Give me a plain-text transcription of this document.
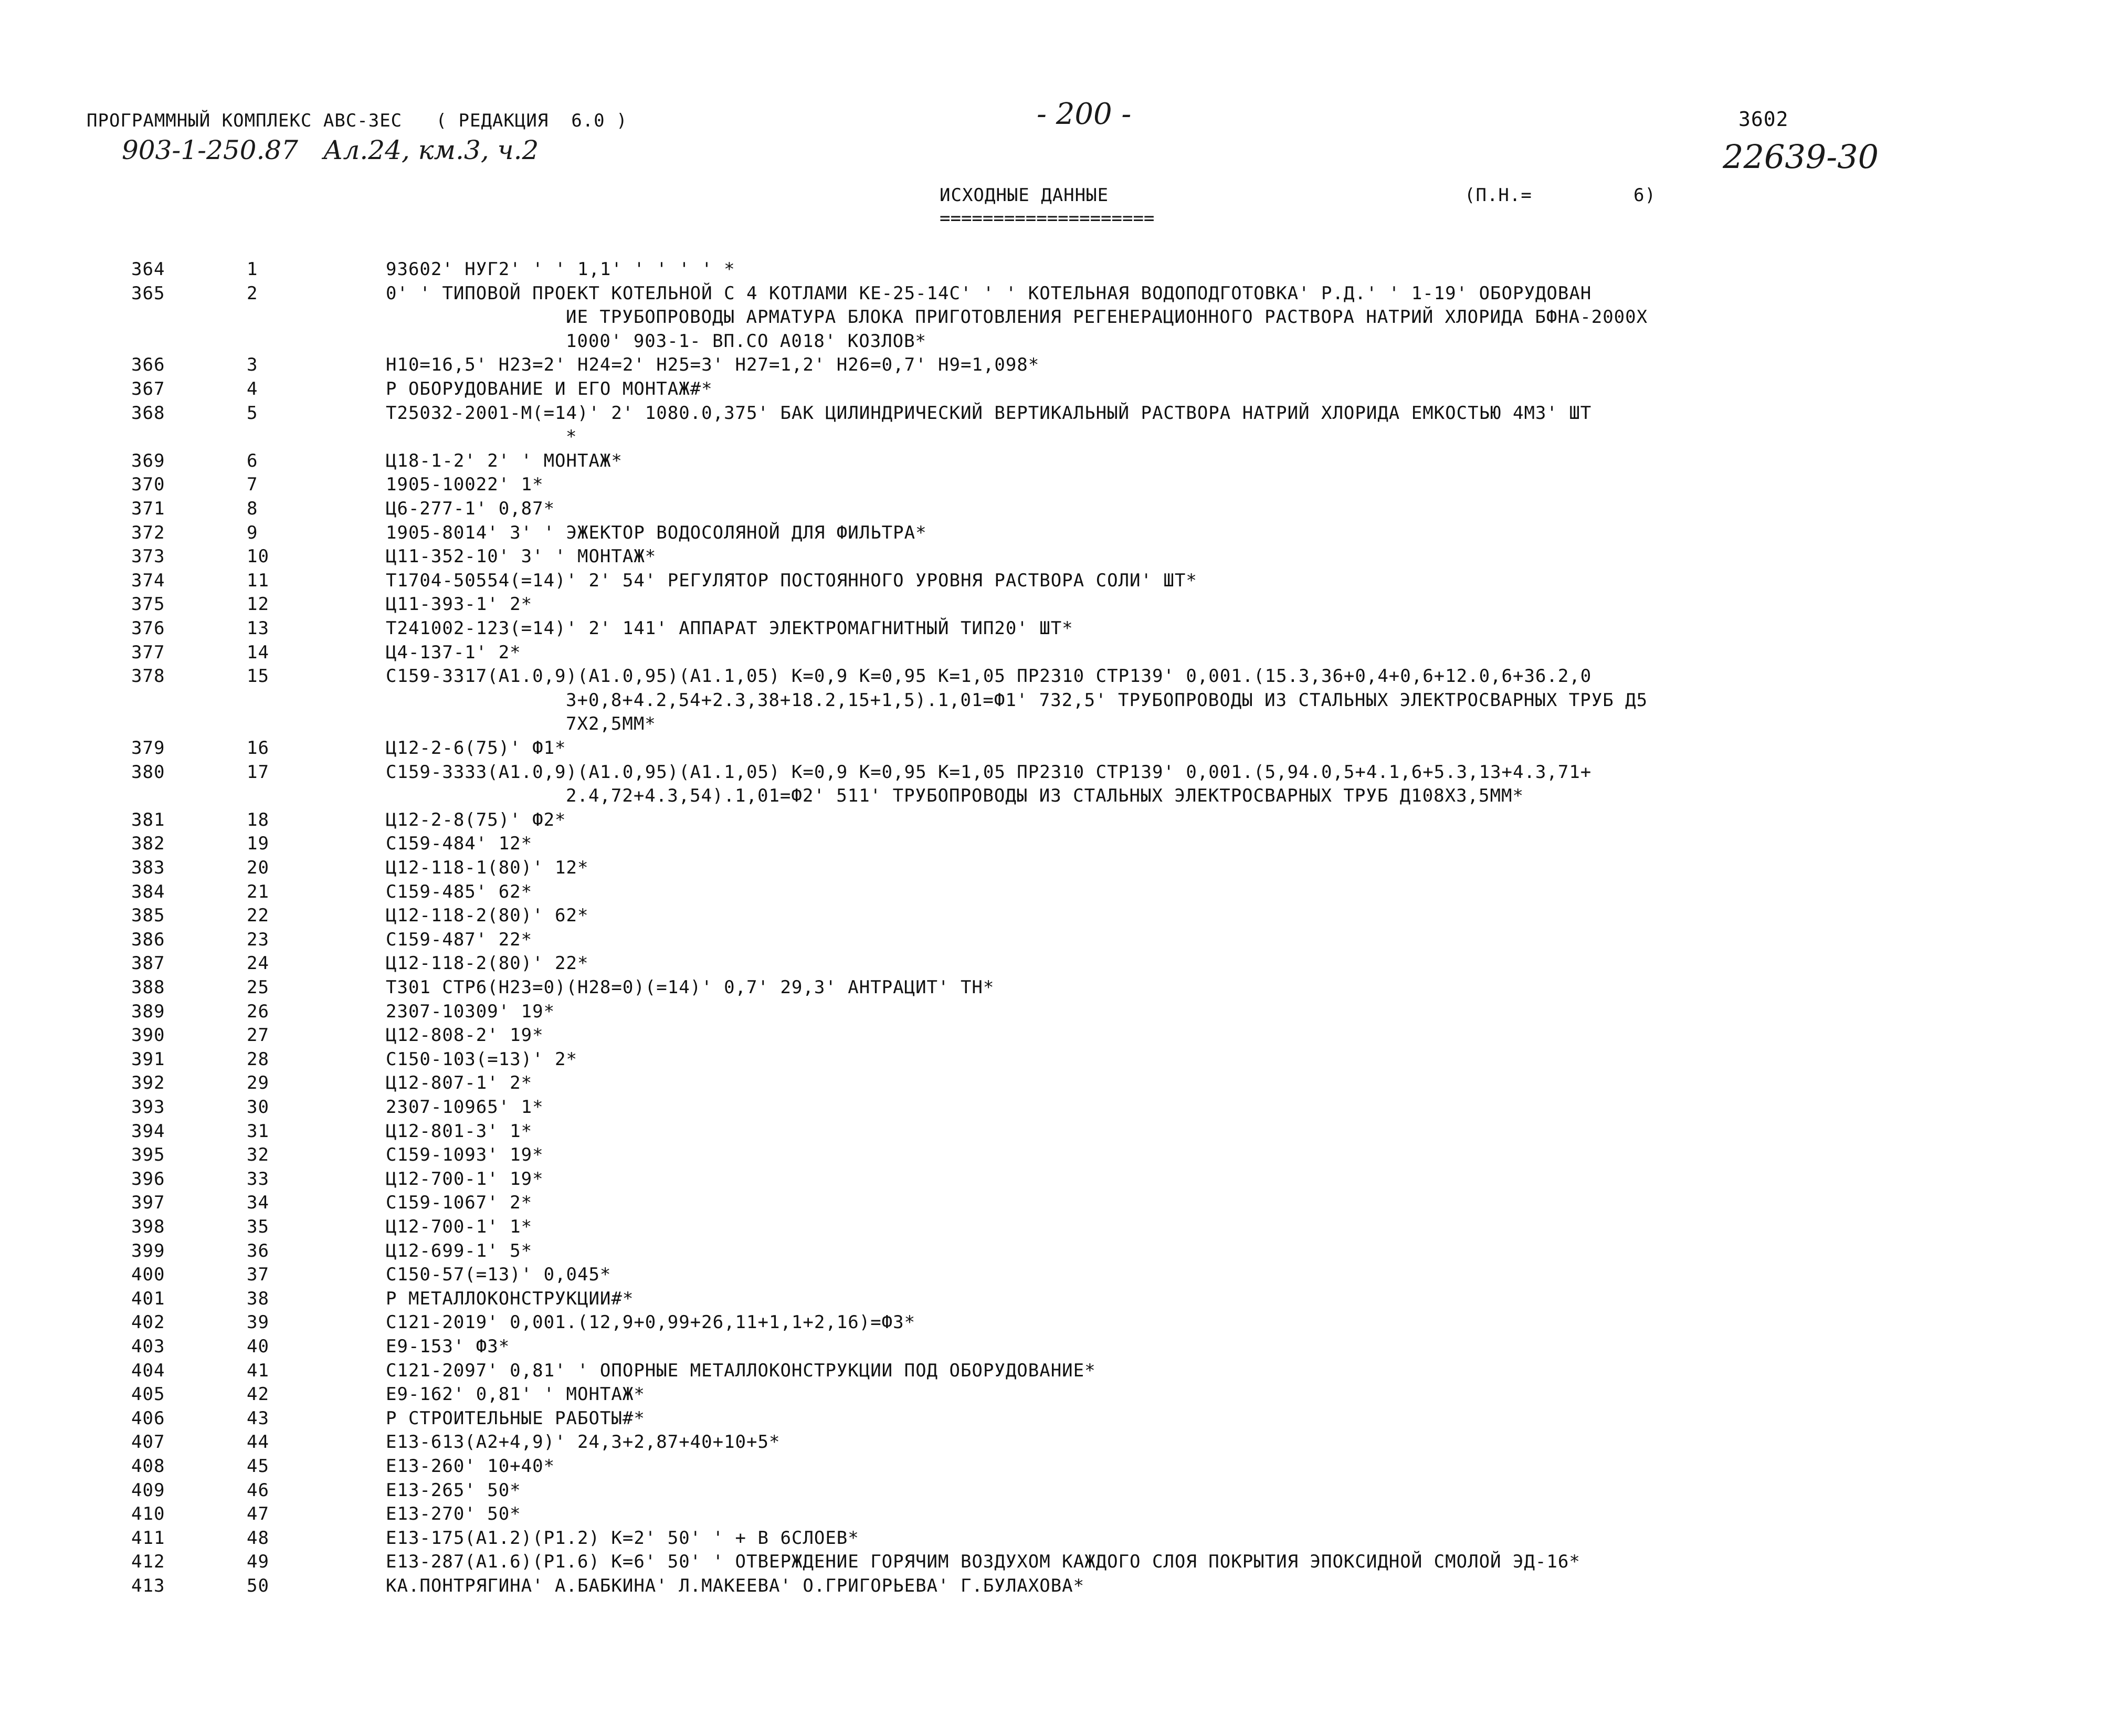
ПРОГРАММНЫЙ КОМПЛЕКС АВС-ЗЕС   ( РЕДАКЦИЯ  6.0 )	- 200 -	3602
903-1-250.87   Ал.24, км.3, ч.2	22639-30
ИСХОДНЫЕ ДАННЫЕ	(П.Н.=         6)
====================
364	1	93602' НУГ2' ' ' 1,1' ' ' ' ' *
365	2	0' ' ТИПОВОЙ ПРОЕКТ КОТЕЛЬНОЙ С 4 КОТЛАМИ КЕ-25-14С' ' ' КОТЕЛЬНАЯ ВОДОПОДГОТОВКА' Р.Д.' ' 1-19' ОБОРУДОВАН
ИЕ ТРУБОПРОВОДЫ АРМАТУРА БЛОКА ПРИГОТОВЛЕНИЯ РЕГЕНЕРАЦИОННОГО РАСТВОРА НАТРИЙ ХЛОРИДА БФНА-2000Х
1000' 903-1- ВП.СО А018' КОЗЛОВ*
366	3	Н10=16,5' Н23=2' Н24=2' Н25=3' Н27=1,2' Н26=0,7' Н9=1,098*
367	4	Р ОБОРУДОВАНИЕ И ЕГО МОНТАЖ#*
368	5	Т25032-2001-М(=14)' 2' 1080.0,375' БАК ЦИЛИНДРИЧЕСКИЙ ВЕРТИКАЛЬНЫЙ РАСТВОРА НАТРИЙ ХЛОРИДА ЕМКОСТЬЮ 4М3' ШТ
*
369	6	Ц18-1-2' 2' ' МОНТАЖ*
370	7	1905-10022' 1*
371	8	Ц6-277-1' 0,87*
372	9	1905-8014' 3' ' ЭЖЕКТОР ВОДОСОЛЯНОЙ ДЛЯ ФИЛЬТРА*
373	10	Ц11-352-10' 3' ' МОНТАЖ*
374	11	Т1704-50554(=14)' 2' 54' РЕГУЛЯТОР ПОСТОЯННОГО УРОВНЯ РАСТВОРА СОЛИ' ШТ*
375	12	Ц11-393-1' 2*
376	13	Т241002-123(=14)' 2' 141' АППАРАТ ЭЛЕКТРОМАГНИТНЫЙ ТИП20' ШТ*
377	14	Ц4-137-1' 2*
378	15	С159-3317(А1.0,9)(А1.0,95)(А1.1,05) К=0,9 К=0,95 К=1,05 ПР2310 СТР139' 0,001.(15.3,36+0,4+0,6+12.0,6+36.2,0
3+0,8+4.2,54+2.3,38+18.2,15+1,5).1,01=Ф1' 732,5' ТРУБОПРОВОДЫ ИЗ СТАЛЬНЫХ ЭЛЕКТРОСВАРНЫХ ТРУБ Д5
7Х2,5ММ*
379	16	Ц12-2-6(75)' Ф1*
380	17	С159-3333(А1.0,9)(А1.0,95)(А1.1,05) К=0,9 К=0,95 К=1,05 ПР2310 СТР139' 0,001.(5,94.0,5+4.1,6+5.3,13+4.3,71+
2.4,72+4.3,54).1,01=Ф2' 511' ТРУБОПРОВОДЫ ИЗ СТАЛЬНЫХ ЭЛЕКТРОСВАРНЫХ ТРУБ Д108Х3,5ММ*
381	18	Ц12-2-8(75)' Ф2*
382	19	С159-484' 12*
383	20	Ц12-118-1(80)' 12*
384	21	С159-485' 62*
385	22	Ц12-118-2(80)' 62*
386	23	С159-487' 22*
387	24	Ц12-118-2(80)' 22*
388	25	Т301 СТР6(Н23=0)(Н28=0)(=14)' 0,7' 29,3' АНТРАЦИТ' ТН*
389	26	2307-10309' 19*
390	27	Ц12-808-2' 19*
391	28	С150-103(=13)' 2*
392	29	Ц12-807-1' 2*
393	30	2307-10965' 1*
394	31	Ц12-801-3' 1*
395	32	С159-1093' 19*
396	33	Ц12-700-1' 19*
397	34	С159-1067' 2*
398	35	Ц12-700-1' 1*
399	36	Ц12-699-1' 5*
400	37	С150-57(=13)' 0,045*
401	38	Р МЕТАЛЛОКОНСТРУКЦИИ#*
402	39	С121-2019' 0,001.(12,9+0,99+26,11+1,1+2,16)=Ф3*
403	40	Е9-153' Ф3*
404	41	С121-2097' 0,81' ' ОПОРНЫЕ МЕТАЛЛОКОНСТРУКЦИИ ПОД ОБОРУДОВАНИЕ*
405	42	Е9-162' 0,81' ' МОНТАЖ*
406	43	Р СТРОИТЕЛЬНЫЕ РАБОТЫ#*
407	44	Е13-613(А2+4,9)' 24,3+2,87+40+10+5*
408	45	Е13-260' 10+40*
409	46	Е13-265' 50*
410	47	Е13-270' 50*
411	48	Е13-175(А1.2)(Р1.2) К=2' 50' ' + В 6СЛОЕВ*
412	49	Е13-287(А1.6)(Р1.6) К=6' 50' ' ОТВЕРЖДЕНИЕ ГОРЯЧИМ ВОЗДУХОМ КАЖДОГО СЛОЯ ПОКРЫТИЯ ЭПОКСИДНОЙ СМОЛОЙ ЭД-16*
413	50	КА.ПОНТРЯГИНА' А.БАБКИНА' Л.МАКЕЕВА' О.ГРИГОРЬЕВА' Г.БУЛАХОВА*
